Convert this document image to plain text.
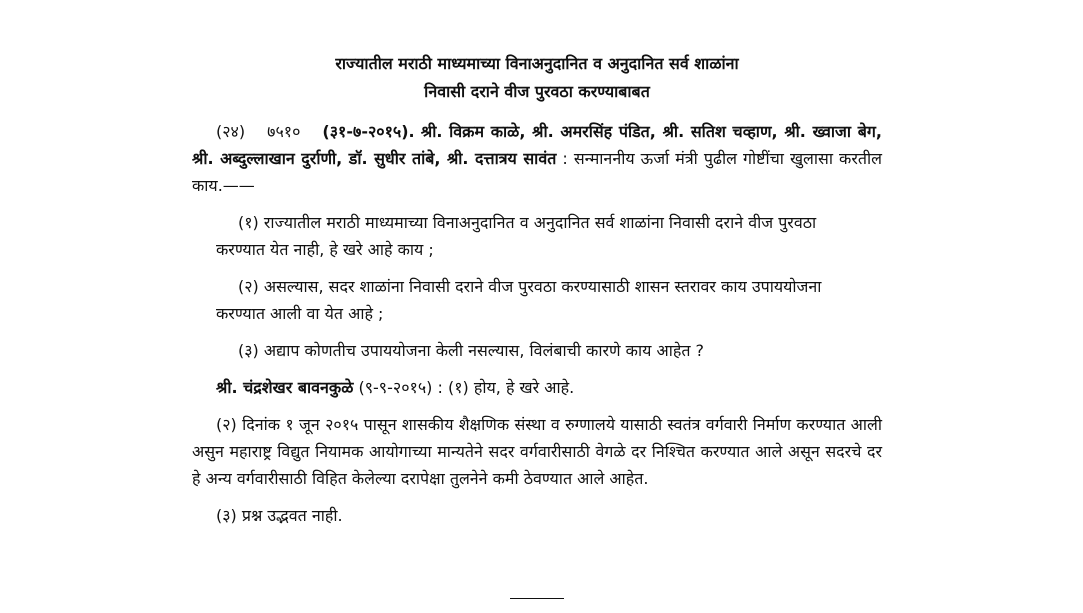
राज्यातील मराठी माध्यमाच्या विनाअनुदानित व अनुदानित सर्व शाळांना
निवासी दराने वीज पुरवठा करण्याबाबत
(२४) ७५१० (३१-७-२०१५). श्री. विक्रम काळे, श्री. अमरसिंह पंडित, श्री. सतिश चव्हाण, श्री. ख्वाजा बेग, श्री. अब्दुल्लाखान दुर्राणी, डॉ. सुधीर तांबे, श्री. दत्तात्रय सावंत : सन्माननीय ऊर्जा मंत्री पुढील गोष्टींचा खुलासा करतील काय.——
(१) राज्यातील मराठी माध्यमाच्या विनाअनुदानित व अनुदानित सर्व शाळांना निवासी दराने वीज पुरवठा
करण्यात येत नाही, हे खरे आहे काय ;
(२) असल्यास, सदर शाळांना निवासी दराने वीज पुरवठा करण्यासाठी शासन स्तरावर काय उपाययोजना
करण्यात आली वा येत आहे ;
(३) अद्याप कोणतीच उपाययोजना केली नसल्यास, विलंबाची कारणे काय आहेत ?
श्री. चंद्रशेखर बावनकुळे (९-९-२०१५) : (१) होय, हे खरे आहे.
(२) दिनांक १ जून २०१५ पासून शासकीय शैक्षणिक संस्था व रुग्णालये यासाठी स्वतंत्र वर्गवारी निर्माण करण्यात आली असुन महाराष्ट्र विद्युत नियामक आयोगाच्या मान्यतेने सदर वर्गवारीसाठी वेगळे दर निश्चित करण्यात आले असून सदरचे दर हे अन्य वर्गवारीसाठी विहित केलेल्या दरापेक्षा तुलनेने कमी ठेवण्यात आले आहेत.
(३) प्रश्न उद्भवत नाही.
